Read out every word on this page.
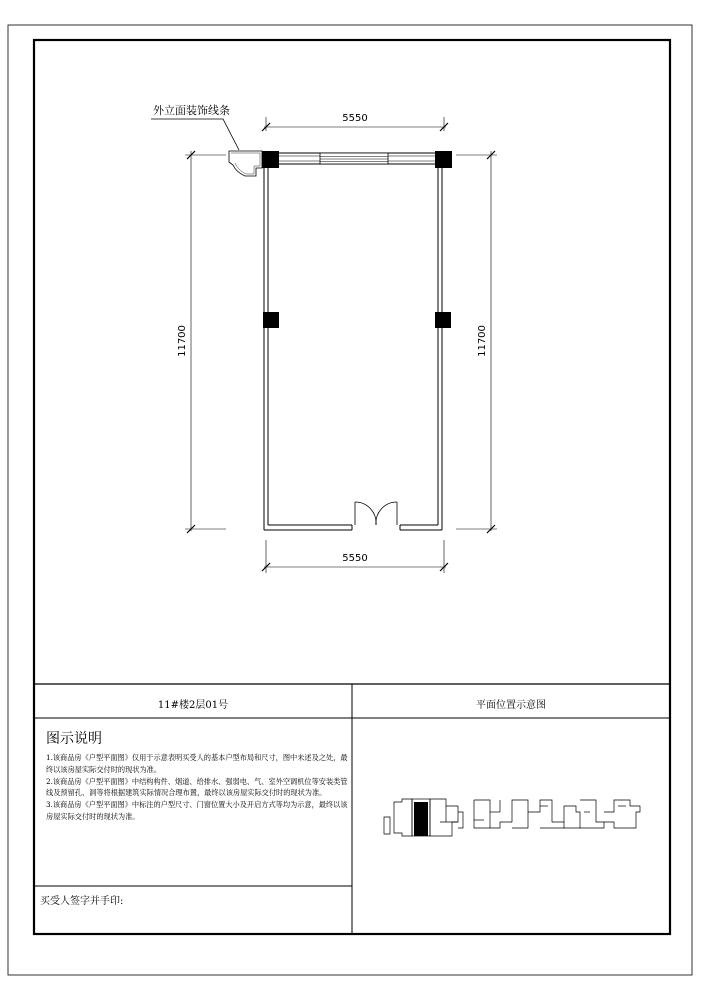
5550
5550
11700	11700
外立面装饰线条
11#楼2层01号	平面位置示意图
图示说明
1.该商品房《户型平面图》仅用于示意表明买受人的基本户型布局和尺寸，图中未述及之处，最终以该房屋实际交付时的现状为准。
2.该商品房《户型平面图》中结构构件、烟道、给排水、强弱电、气、室外空调机位等安装类管线及预留孔、洞等将根据建筑实际情况合理布置，最终以该房屋实际交付时的现状为准。
3.该商品房《户型平面图》中标注的户型尺寸、门窗位置大小及开启方式等均为示意，最终以该房屋实际交付时的现状为准。
买受人签字并手印:
